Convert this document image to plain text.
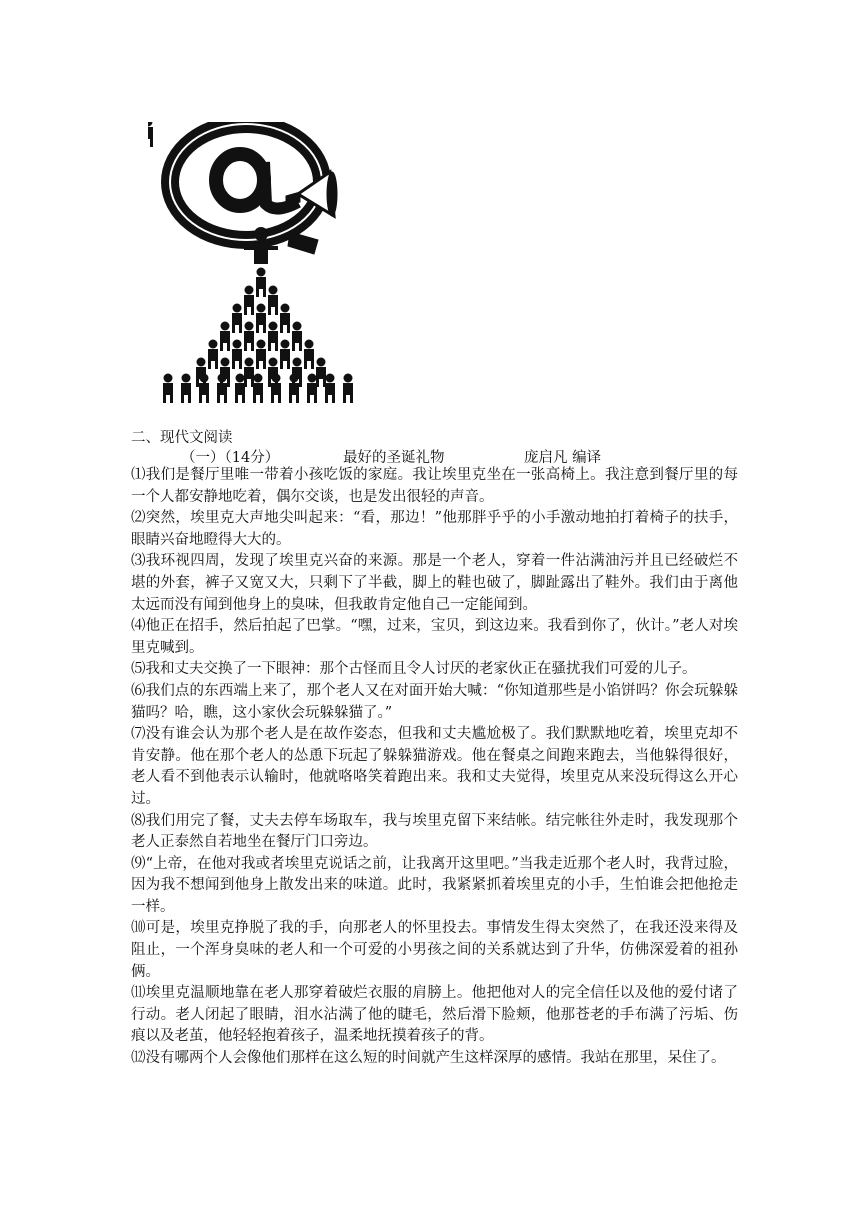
二、现代文阅读
（一）（14分）	最好的圣诞礼物	庞启凡 编译

⑴我们是餐厅里唯一带着小孩吃饭的家庭。我让埃里克坐在一张高椅上。我注意到餐厅里的每一个人都安静地吃着，偶尔交谈，也是发出很轻的声音。

⑵突然，埃里克大声地尖叫起来：“看，那边！”他那胖乎乎的小手激动地拍打着椅子的扶手，眼睛兴奋地瞪得大大的。

⑶我环视四周，发现了埃里克兴奋的来源。那是一个老人，穿着一件沾满油污并且已经破烂不堪的外套，裤子又宽又大，只剩下了半截，脚上的鞋也破了，脚趾露出了鞋外。我们由于离他太远而没有闻到他身上的臭味，但我敢肯定他自己一定能闻到。

⑷他正在招手，然后拍起了巴掌。“嘿，过来，宝贝，到这边来。我看到你了，伙计。”老人对埃里克喊到。

⑸我和丈夫交换了一下眼神：那个古怪而且令人讨厌的老家伙正在骚扰我们可爱的儿子。

⑹我们点的东西端上来了，那个老人又在对面开始大喊：“你知道那些是小馅饼吗？你会玩躲躲猫吗？哈，瞧，这小家伙会玩躲躲猫了。”

⑺没有谁会认为那个老人是在故作姿态，但我和丈夫尴尬极了。我们默默地吃着，埃里克却不肯安静。他在那个老人的怂恿下玩起了躲躲猫游戏。他在餐桌之间跑来跑去，当他躲得很好，老人看不到他表示认输时，他就咯咯笑着跑出来。我和丈夫觉得，埃里克从来没玩得这么开心过。

⑻我们用完了餐，丈夫去停车场取车，我与埃里克留下来结帐。结完帐往外走时，我发现那个老人正泰然自若地坐在餐厅门口旁边。

⑼“上帝，在他对我或者埃里克说话之前，让我离开这里吧。”当我走近那个老人时，我背过脸，因为我不想闻到他身上散发出来的味道。此时，我紧紧抓着埃里克的小手，生怕谁会把他抢走一样。

⑽可是，埃里克挣脱了我的手，向那老人的怀里投去。事情发生得太突然了，在我还没来得及阻止，一个浑身臭味的老人和一个可爱的小男孩之间的关系就达到了升华，仿佛深爱着的祖孙俩。

⑾埃里克温顺地靠在老人那穿着破烂衣服的肩膀上。他把他对人的完全信任以及他的爱付诸了行动。老人闭起了眼睛，泪水沾满了他的睫毛，然后滑下脸颊，他那苍老的手布满了污垢、伤痕以及老茧，他轻轻抱着孩子，温柔地抚摸着孩子的背。

⑿没有哪两个人会像他们那样在这么短的时间就产生这样深厚的感情。我站在那里，呆住了。
